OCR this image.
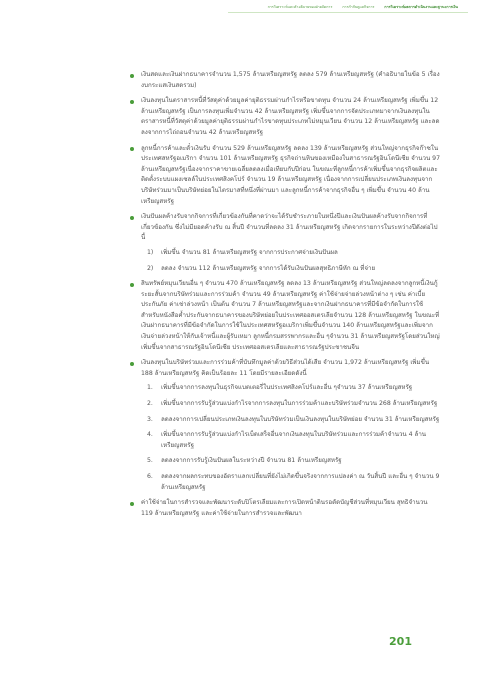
การวิเคราะห์และคำอธิบายของฝ่ายจัดการ	การกำกับดูแลกิจการ	การวิเคราะห์ผลการดำเนินงานและฐานะการเงิน

เงินสดและเงินฝากธนาคารจำนวน 1,575 ล้านเหรียญสหรัฐ ลดลง 579 ล้านเหรียญสหรัฐ (คำอธิบายในข้อ 5 เรื่องงบกระแสเงินสดรวม)

เงินลงทุนในตราสารหนี้ที่วัสดุค่าด้วยมูลค่ายุติธรรมผ่านกำไรหรือขาดทุน จำนวน 24 ล้านเหรียญสหรัฐ เพิ่มขึ้น 12 ล้านเหรียญสหรัฐ เป็นการลงทุนเพิ่มจำนวน 42 ล้านเหรียญสหรัฐ เพิ่มขึ้นจากการจัดประเภทมาจากเงินลงทุนในตราสารหนี้ที่วัสดุค่าด้วยมูลค่ายุติธรรมผ่านกำไรขาดทุนประเภทไม่หมุนเวียน จำนวน 12 ล้านเหรียญสหรัฐ และลดลงจากการไถ่ถอนจำนวน 42 ล้านเหรียญสหรัฐ

ลูกหนี้การค้าและตั๋วเงินรับ จำนวน 529 ล้านเหรียญสหรัฐ ลดลง 139 ล้านเหรียญสหรัฐ ส่วนใหญ่จากธุรกิจก๊าซในประเทศสหรัฐอเมริกา จำนวน 101 ล้านเหรียญสหรัฐ ธุรกิจถ่านหินของเหมืองในสาธารณรัฐอินโดนีเซีย จำนวน 97 ล้านเหรียญสหรัฐเนื่องจากราคาขายเฉลี่ยลดลงเมื่อเทียบกับปีก่อน ในขณะที่ลูกหนี้การค้าเพิ่มขึ้นจากธุรกิจผลิตและติดตั้งระบบแผงเซลล์ในประเทศสิงคโปร์ จำนวน 19 ล้านเหรียญสหรัฐ เนื่องจากการเปลี่ยนประเภทเงินลงทุนจากบริษัทร่วมมาเป็นบริษัทย่อยในไตรมาสที่หนึ่งที่ผ่านมา และลูกหนี้การค้าจากธุรกิจอื่น ๆ เพิ่มขึ้น จำนวน 40 ล้านเหรียญสหรัฐ

เงินปันผลค้างรับจากกิจการที่เกี่ยวข้องกันที่คาดว่าจะได้รับชำระภายในหนึ่งปีและเงินปันผลค้างรับจากกิจการที่เกี่ยวข้องกัน ซึ่งไม่มียอดค้างรับ ณ สิ้นปี จำนวนที่ลดลง 31 ล้านเหรียญสหรัฐ เกิดจากรายการในระหว่างปีดังต่อไปนี้

1) เพิ่มขึ้น จำนวน 81 ล้านเหรียญสหรัฐ จากการประกาศจ่ายเงินปันผล
2) ลดลง จำนวน 112 ล้านเหรียญสหรัฐ จากการได้รับเงินปันผลสุทธิภาษีหัก ณ ที่จ่าย

สินทรัพย์หมุนเวียนอื่น ๆ จำนวน 470 ล้านเหรียญสหรัฐ ลดลง 13 ล้านเหรียญสหรัฐ ส่วนใหญ่ลดลงจากลูกหนี้เงินกู้ระยะสั้นจากบริษัทร่วมและการร่วมค้า จำนวน 49 ล้านเหรียญสหรัฐ ค่าใช้จ่ายจ่ายล่วงหน้าต่าง ๆ เช่น ค่าเบี้ยประกันภัย ค่าเช่าล่วงหน้า เป็นต้น จำนวน 7 ล้านเหรียญสหรัฐและจากเงินฝากธนาคารที่มีข้อจำกัดในการใช้สำหรับหนังสือค้ำประกันจากธนาคารของบริษัทย่อยในประเทศออสเตรเลียจำนวน 128 ล้านเหรียญสหรัฐ ในขณะที่เงินฝากธนาคารที่มีข้อจำกัดในการใช้ในประเทศสหรัฐอเมริกาเพิ่มขึ้นจำนวน 140 ล้านเหรียญสหรัฐและเพิ่มจากเงินจ่ายล่วงหน้าให้กับเจ้าหนี้และผู้รับเหมา ลูกหนี้กรมสรรพากรและอื่น ๆจำนวน 31 ล้านเหรียญสหรัฐโดยส่วนใหญ่เพิ่มขึ้นจากสาธารณรัฐอินโดนีเซีย ประเทศออสเตรเลียและสาธารณรัฐประชาชนจีน

เงินลงทุนในบริษัทร่วมและการร่วมค้าที่บันทึกมูลค่าด้วยวิธีส่วนได้เสีย จำนวน 1,972 ล้านเหรียญสหรัฐ เพิ่มขึ้น 188 ล้านเหรียญสหรัฐ คิดเป็นร้อยละ 11 โดยมีรายละเอียดดังนี้

1. เพิ่มขึ้นจากการลงทุนในธุรกิจแบตเตอรี่ในประเทศสิงคโปร์และอื่น ๆจำนวน 37 ล้านเหรียญสหรัฐ
2. เพิ่มขึ้นจากการรับรู้ส่วนแบ่งกำไรจากการลงทุนในการร่วมค้าและบริษัทร่วมจำนวน 268 ล้านเหรียญสหรัฐ
3. ลดลงจากการเปลี่ยนประเภทเงินลงทุนในบริษัทร่วมเป็นเงินลงทุนในบริษัทย่อย จำนวน 31 ล้านเหรียญสหรัฐ
4. เพิ่มขึ้นจากการรับรู้ส่วนแบ่งกำไรเบ็ดเสร็จอื่นจากเงินลงทุนในบริษัทร่วมและการร่วมค้าจำนวน 4 ล้านเหรียญสหรัฐ
5. ลดลงจากการรับรู้เงินปันผลในระหว่างปี จำนวน 81 ล้านเหรียญสหรัฐ
6. ลดลงจากผลกระทบของอัตราแลกเปลี่ยนที่ยังไม่เกิดขึ้นจริงจากการแปลงค่า ณ วันสิ้นปี และอื่น ๆ จำนวน 9 ล้านเหรียญสหรัฐ

ค่าใช้จ่ายในการสำรวจและพัฒนาระดับปิโตรเลียมและการเปิดหน้าดินรอตัดบัญชีส่วนที่หมุนเวียน สุทธิจำนวน 119 ล้านเหรียญสหรัฐ และค่าใช้จ่ายในการสำรวจและพัฒนา

201
